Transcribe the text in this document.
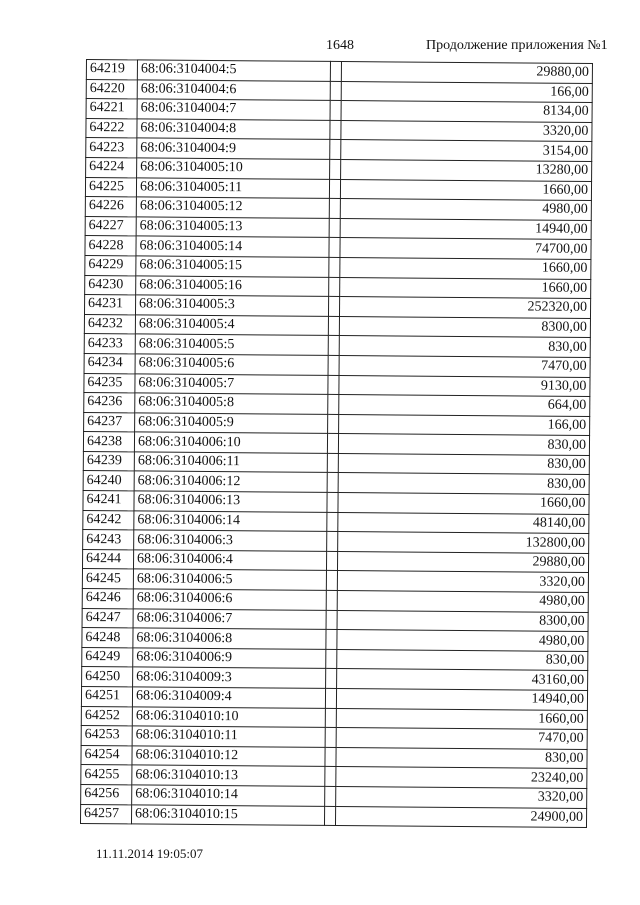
1648	Продолжение приложения №1
64219	68:06:3104004:5		29880,00
64220	68:06:3104004:6		166,00
64221	68:06:3104004:7		8134,00
64222	68:06:3104004:8		3320,00
64223	68:06:3104004:9		3154,00
64224	68:06:3104005:10		13280,00
64225	68:06:3104005:11		1660,00
64226	68:06:3104005:12		4980,00
64227	68:06:3104005:13		14940,00
64228	68:06:3104005:14		74700,00
64229	68:06:3104005:15		1660,00
64230	68:06:3104005:16		1660,00
64231	68:06:3104005:3		252320,00
64232	68:06:3104005:4		8300,00
64233	68:06:3104005:5		830,00
64234	68:06:3104005:6		7470,00
64235	68:06:3104005:7		9130,00
64236	68:06:3104005:8		664,00
64237	68:06:3104005:9		166,00
64238	68:06:3104006:10		830,00
64239	68:06:3104006:11		830,00
64240	68:06:3104006:12		830,00
64241	68:06:3104006:13		1660,00
64242	68:06:3104006:14		48140,00
64243	68:06:3104006:3		132800,00
64244	68:06:3104006:4		29880,00
64245	68:06:3104006:5		3320,00
64246	68:06:3104006:6		4980,00
64247	68:06:3104006:7		8300,00
64248	68:06:3104006:8		4980,00
64249	68:06:3104006:9		830,00
64250	68:06:3104009:3		43160,00
64251	68:06:3104009:4		14940,00
64252	68:06:3104010:10		1660,00
64253	68:06:3104010:11		7470,00
64254	68:06:3104010:12		830,00
64255	68:06:3104010:13		23240,00
64256	68:06:3104010:14		3320,00
64257	68:06:3104010:15		24900,00
11.11.2014 19:05:07
